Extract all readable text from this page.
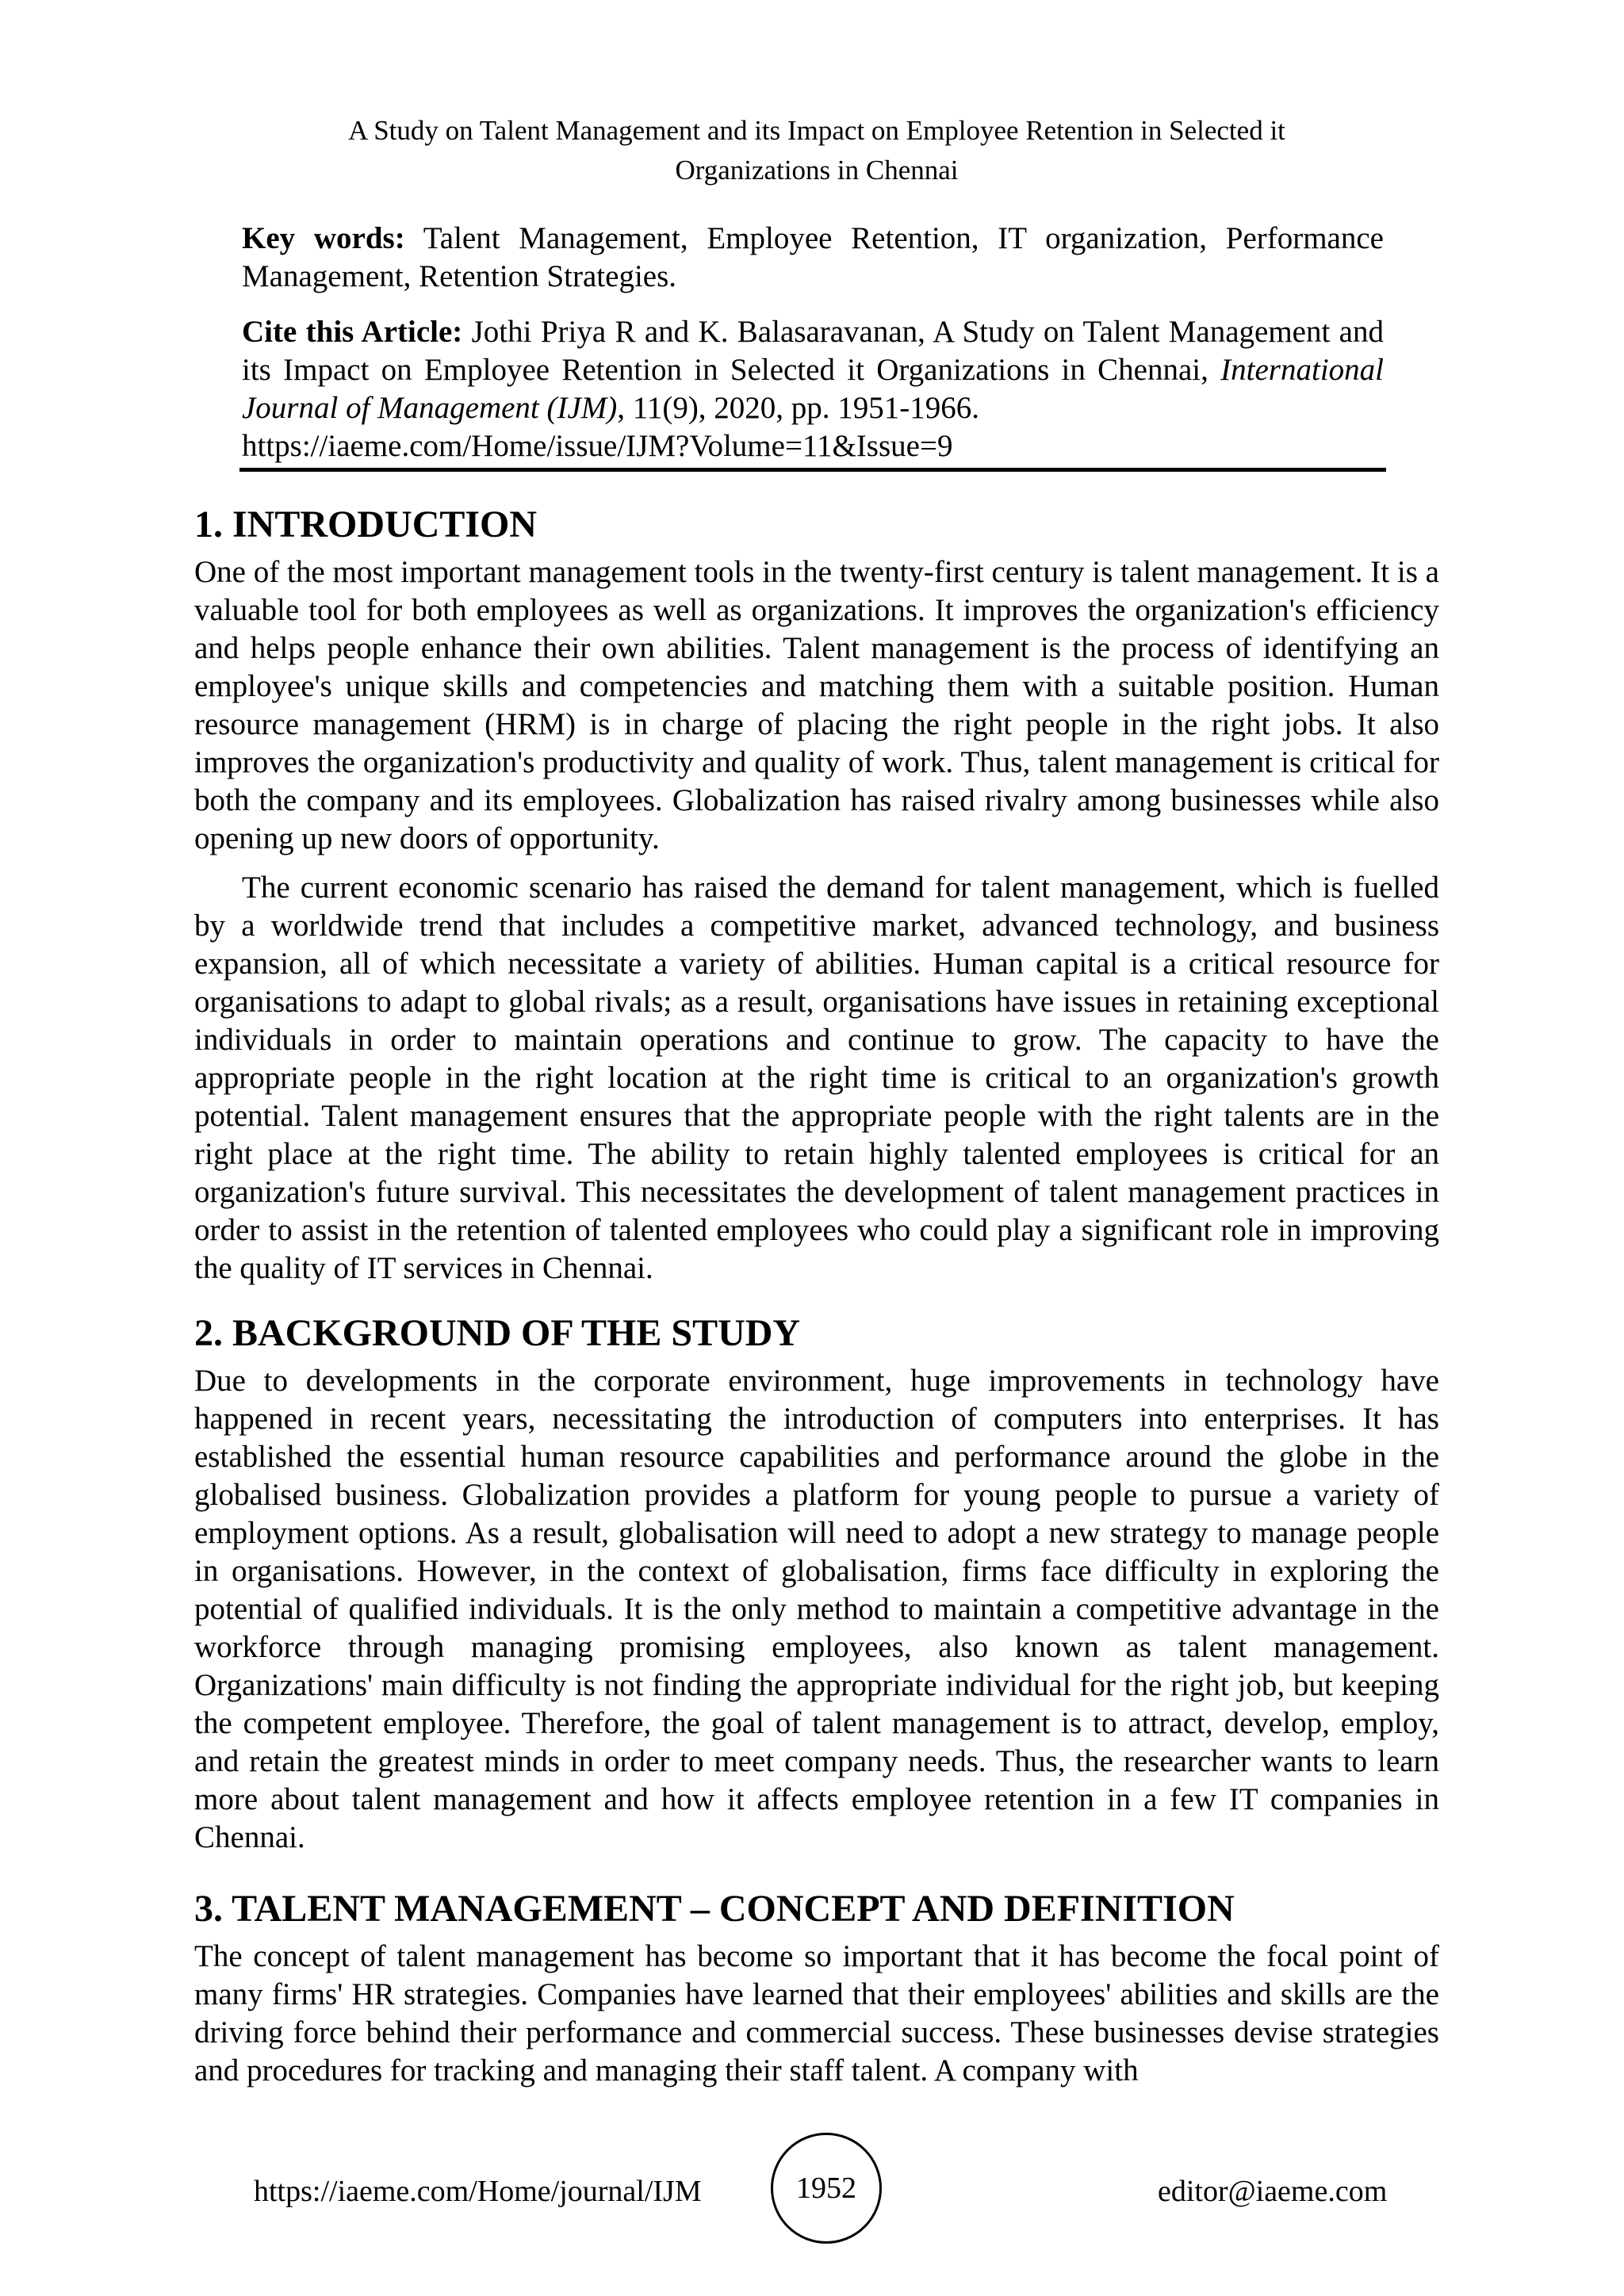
A Study on Talent Management and its Impact on Employee Retention in Selected it
Organizations in Chennai
Key words: Talent Management, Employee Retention, IT organization, Performance Management, Retention Strategies.
Cite this Article: Jothi Priya R and K. Balasaravanan, A Study on Talent Management and its Impact on Employee Retention in Selected it Organizations in Chennai, International Journal of Management (IJM), 11(9), 2020, pp. 1951-1966.
https://iaeme.com/Home/issue/IJM?Volume=11&Issue=9
1. INTRODUCTION

One of the most important management tools in the twenty-first century is talent management. It is a valuable tool for both employees as well as organizations. It improves the organization's efficiency and helps people enhance their own abilities. Talent management is the process of identifying an employee's unique skills and competencies and matching them with a suitable position. Human resource management (HRM) is in charge of placing the right people in the right jobs. It also improves the organization's productivity and quality of work. Thus, talent management is critical for both the company and its employees. Globalization has raised rivalry among businesses while also opening up new doors of opportunity.

The current economic scenario has raised the demand for talent management, which is fuelled by a worldwide trend that includes a competitive market, advanced technology, and business expansion, all of which necessitate a variety of abilities. Human capital is a critical resource for organisations to adapt to global rivals; as a result, organisations have issues in retaining exceptional individuals in order to maintain operations and continue to grow. The capacity to have the appropriate people in the right location at the right time is critical to an organization's growth potential. Talent management ensures that the appropriate people with the right talents are in the right place at the right time. The ability to retain highly talented employees is critical for an organization's future survival. This necessitates the development of talent management practices in order to assist in the retention of talented employees who could play a significant role in improving the quality of IT services in Chennai.

2. BACKGROUND OF THE STUDY

Due to developments in the corporate environment, huge improvements in technology have happened in recent years, necessitating the introduction of computers into enterprises. It has established the essential human resource capabilities and performance around the globe in the globalised business. Globalization provides a platform for young people to pursue a variety of employment options. As a result, globalisation will need to adopt a new strategy to manage people in organisations. However, in the context of globalisation, firms face difficulty in exploring the potential of qualified individuals. It is the only method to maintain a competitive advantage in the workforce through managing promising employees, also known as talent management. Organizations' main difficulty is not finding the appropriate individual for the right job, but keeping the competent employee. Therefore, the goal of talent management is to attract, develop, employ, and retain the greatest minds in order to meet company needs. Thus, the researcher wants to learn more about talent management and how it affects employee retention in a few IT companies in Chennai.

3. TALENT MANAGEMENT – CONCEPT AND DEFINITION

The concept of talent management has become so important that it has become the focal point of many firms' HR strategies. Companies have learned that their employees' abilities and skills are the driving force behind their performance and commercial success. These businesses devise strategies and procedures for tracking and managing their staff talent. A company with

https://iaeme.com/Home/journal/IJM	1952	editor@iaeme.com
